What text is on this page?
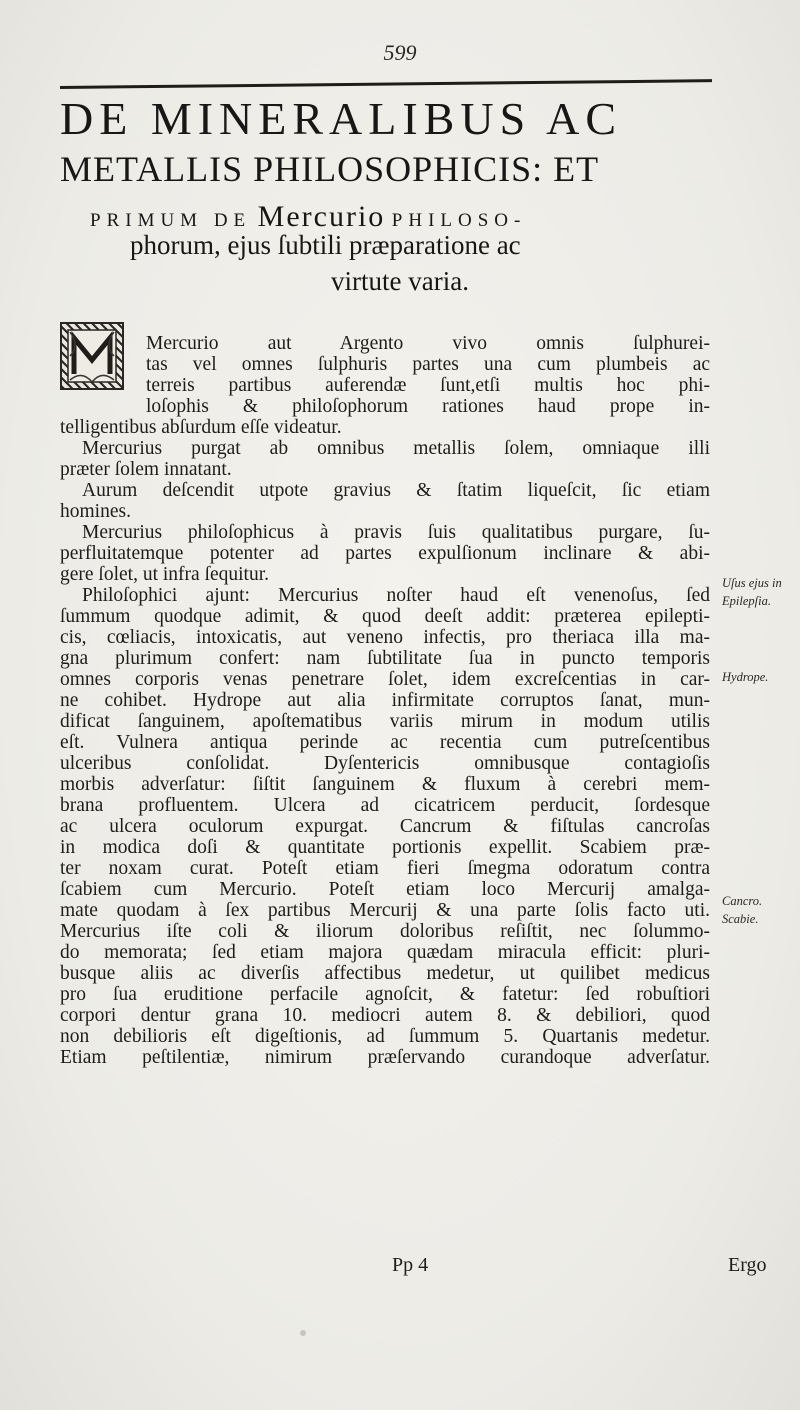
599
DE MINERALIBUS AC
METALLIS PHILOSOPHICIS: ET
PRIMUM DE Mercurio PHILOSO-
phorum, ejus ſubtili præparatione ac
virtute varia.
Mercurio aut Argento vivo omnis ſulphurei-
tas vel omnes ſulphuris partes una cum plumbeis ac
terreis partibus auferendæ ſunt,etſi multis hoc phi-
loſophis & philoſophorum rationes haud prope in-
telligentibus abſurdum eſſe videatur.
Mercurius purgat ab omnibus metallis ſolem, omniaque illi
præter ſolem innatant.
Aurum deſcendit utpote gravius & ſtatim liqueſcit, ſic etiam
homines.
Mercurius philoſophicus à pravis ſuis qualitatibus purgare, ſu-
perfluitatemque potenter ad partes expulſionum inclinare & abi-
gere ſolet, ut infra ſequitur.
Philoſophici ajunt: Mercurius noſter haud eſt venenoſus, ſed
ſummum quodque adimit, & quod deeſt addit: præterea epilepti-
cis, cœliacis, intoxicatis, aut veneno infectis, pro theriaca illa ma-
gna plurimum confert: nam ſubtilitate ſua in puncto temporis
omnes corporis venas penetrare ſolet, idem excreſcentias in car-
ne cohibet. Hydrope aut alia infirmitate corruptos ſanat, mun-
dificat ſanguinem, apoſtematibus variis mirum in modum utilis
eſt. Vulnera antiqua perinde ac recentia cum putreſcentibus
ulceribus conſolidat. Dyſentericis omnibusque contagioſis
morbis adverſatur: ſiſtit ſanguinem & fluxum à cerebri mem-
brana profluentem. Ulcera ad cicatricem perducit, ſordesque
ac ulcera oculorum expurgat. Cancrum & fiſtulas cancroſas
in modica doſi & quantitate portionis expellit. Scabiem præ-
ter noxam curat. Poteſt etiam fieri ſmegma odoratum contra
ſcabiem cum Mercurio. Poteſt etiam loco Mercurij amalga-
mate quodam à ſex partibus Mercurij & una parte ſolis facto uti.
Mercurius iſte coli & iliorum doloribus reſiſtit, nec ſolummo-
do memorata; ſed etiam majora quædam miracula efficit: pluri-
busque aliis ac diverſis affectibus medetur, ut quilibet medicus
pro ſua eruditione perfacile agnoſcit, & fatetur: ſed robuſtiori
corpori dentur grana 10. mediocri autem 8. & debiliori, quod
non debilioris eſt digeſtionis, ad ſummum 5. Quartanis medetur.
Etiam peſtilentiæ, nimirum præſervando curandoque adverſatur.
Uſus ejus in
Epilepſia.
Hydrope.
Cancro.
Scabie.
Pp 4	Ergo
